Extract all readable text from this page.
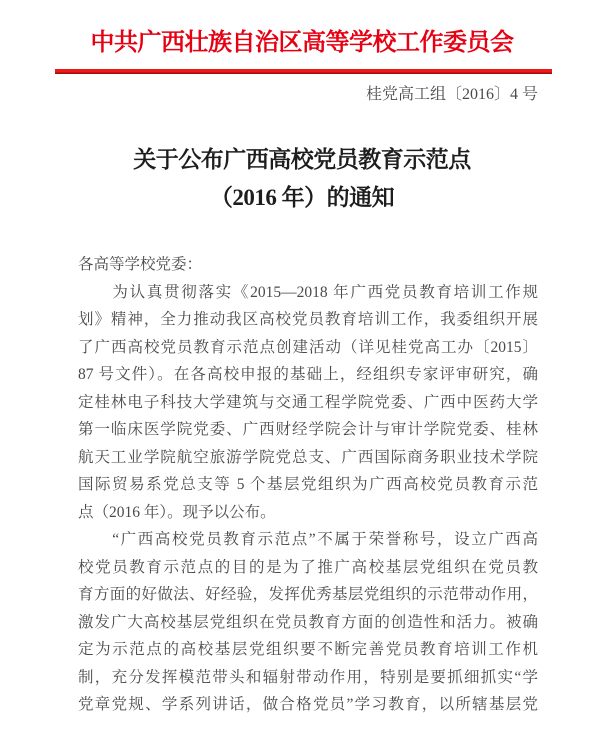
中共广西壮族自治区高等学校工作委员会
桂党高工组〔2016〕4 号
关于公布广西高校党员教育示范点
（2016 年）的通知
各高等学校党委：
　　为认真贯彻落实《2015—2018 年广西党员教育培训工作规
划》精神，全力推动我区高校党员教育培训工作，我委组织开展
了广西高校党员教育示范点创建活动（详见桂党高工办〔2015〕
87 号文件）。在各高校申报的基础上，经组织专家评审研究，确
定桂林电子科技大学建筑与交通工程学院党委、广西中医药大学
第一临床医学院党委、广西财经学院会计与审计学院党委、桂林
航天工业学院航空旅游学院党总支、广西国际商务职业技术学院
国际贸易系党总支等 5 个基层党组织为广西高校党员教育示范
点（2016 年）。现予以公布。
　　“广西高校党员教育示范点”不属于荣誉称号，设立广西高
校党员教育示范点的目的是为了推广高校基层党组织在党员教
育方面的好做法、好经验，发挥优秀基层党组织的示范带动作用，
激发广大高校基层党组织在党员教育方面的创造性和活力。被确
定为示范点的高校基层党组织要不断完善党员教育培训工作机
制，充分发挥模范带头和辐射带动作用，特别是要抓细抓实“学
党章党规、学系列讲话，做合格党员”学习教育，以所辖基层党
